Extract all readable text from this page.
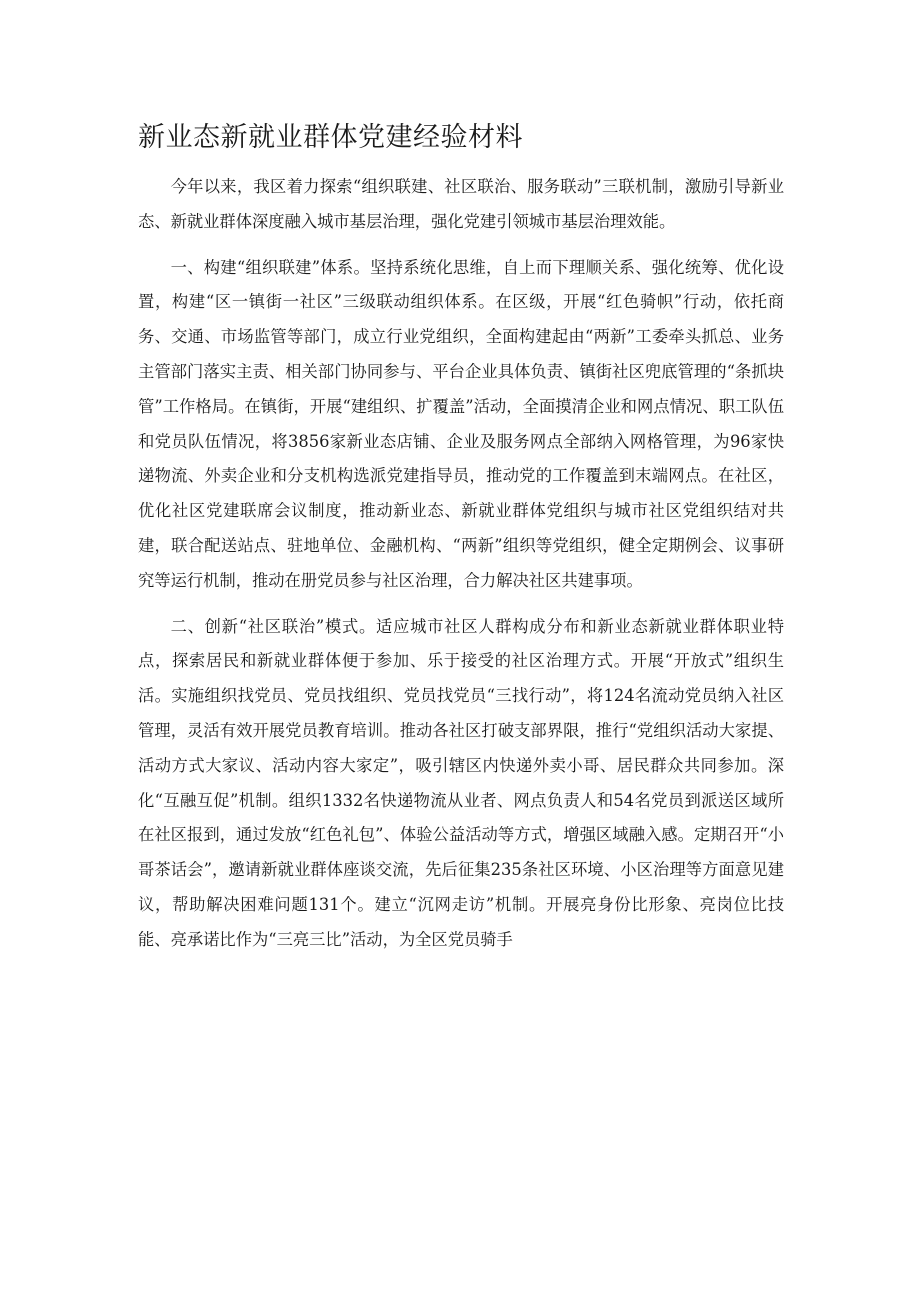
新业态新就业群体党建经验材料

今年以来，我区着力探索“组织联建、社区联治、服务联动”三联机制，激励引导新业态、新就业群体深度融入城市基层治理，强化党建引领城市基层治理效能。

一、构建“组织联建”体系。坚持系统化思维，自上而下理顺关系、强化统筹、优化设置，构建“区一镇街一社区”三级联动组织体系。在区级，开展“红色骑帜”行动，依托商务、交通、市场监管等部门，成立行业党组织，全面构建起由“两新”工委牵头抓总、业务主管部门落实主责、相关部门协同参与、平台企业具体负责、镇街社区兜底管理的“条抓块管”工作格局。在镇街，开展“建组织、扩覆盖”活动，全面摸清企业和网点情况、职工队伍和党员队伍情况，将3856家新业态店铺、企业及服务网点全部纳入网格管理，为96家快递物流、外卖企业和分支机构选派党建指导员，推动党的工作覆盖到末端网点。在社区，优化社区党建联席会议制度，推动新业态、新就业群体党组织与城市社区党组织结对共建，联合配送站点、驻地单位、金融机构、“两新”组织等党组织，健全定期例会、议事研究等运行机制，推动在册党员参与社区治理，合力解决社区共建事项。

二、创新“社区联治”模式。适应城市社区人群构成分布和新业态新就业群体职业特点，探索居民和新就业群体便于参加、乐于接受的社区治理方式。开展“开放式”组织生活。实施组织找党员、党员找组织、党员找党员“三找行动”，将124名流动党员纳入社区管理，灵活有效开展党员教育培训。推动各社区打破支部界限，推行“党组织活动大家提、活动方式大家议、活动内容大家定”，吸引辖区内快递外卖小哥、居民群众共同参加。深化“互融互促”机制。组织1332名快递物流从业者、网点负责人和54名党员到派送区域所在社区报到，通过发放“红色礼包”、体验公益活动等方式，增强区域融入感。定期召开“小哥茶话会”，邀请新就业群体座谈交流，先后征集235条社区环境、小区治理等方面意见建议，帮助解决困难问题131个。建立“沉网走访”机制。开展亮身份比形象、亮岗位比技能、亮承诺比作为“三亮三比”活动，为全区党员骑手
